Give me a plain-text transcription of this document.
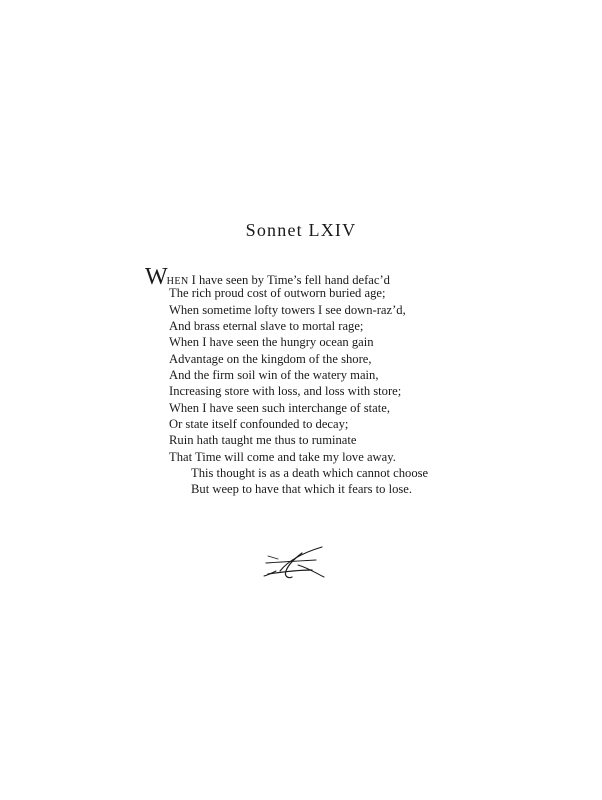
Sonnet LXIV
WHEN I have seen by Time’s fell hand defac’d
The rich proud cost of outworn buried age;
When sometime lofty towers I see down-raz’d,
And brass eternal slave to mortal rage;
When I have seen the hungry ocean gain
Advantage on the kingdom of the shore,
And the firm soil win of the watery main,
Increasing store with loss, and loss with store;
When I have seen such interchange of state,
Or state itself confounded to decay;
Ruin hath taught me thus to ruminate
That Time will come and take my love away.
This thought is as a death which cannot choose
But weep to have that which it fears to lose.
